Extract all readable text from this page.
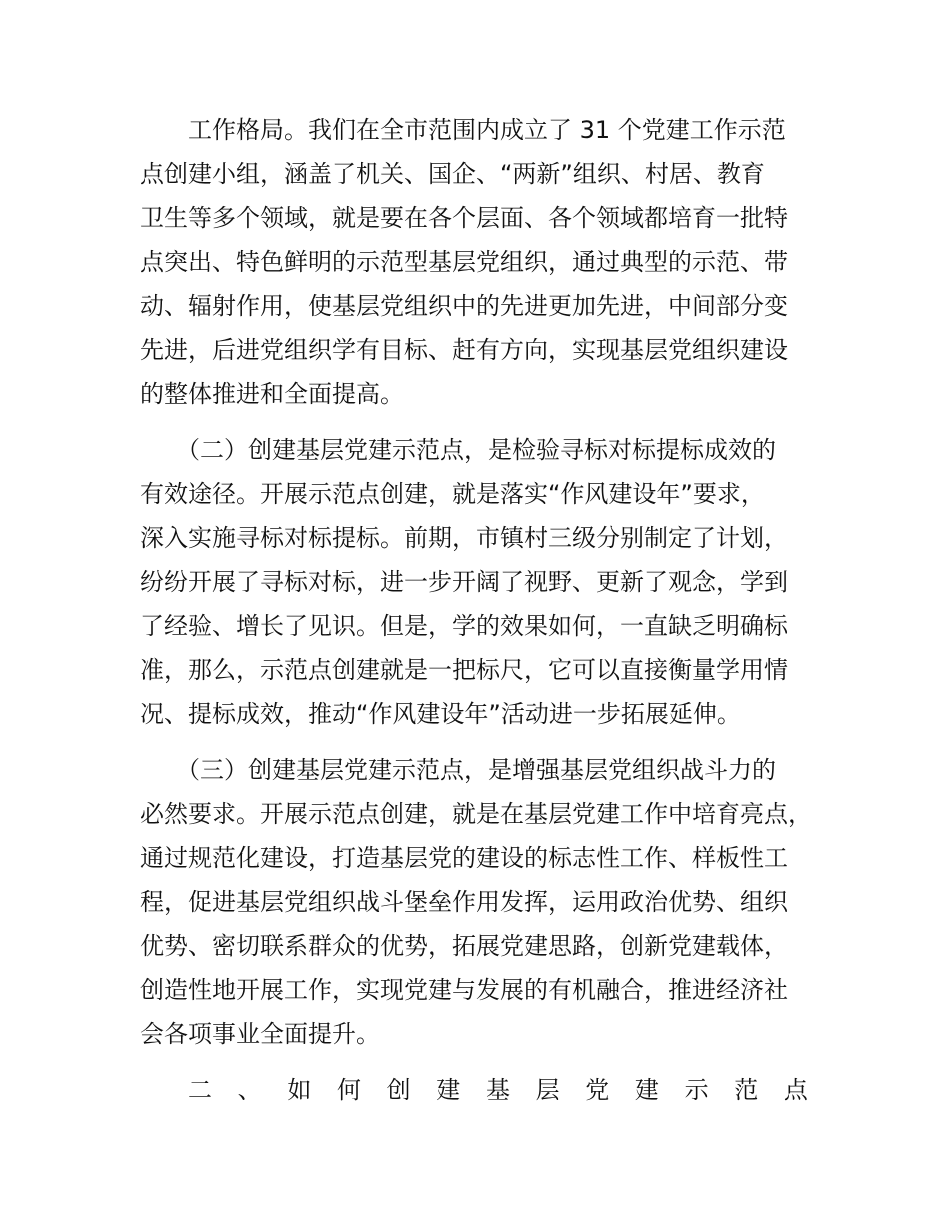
　　工作格局。我们在全市范围内成立了 31 个党建工作示范
点创建小组，涵盖了机关、国企、“两新”组织、村居、教育
卫生等多个领域，就是要在各个层面、各个领域都培育一批特
点突出、特色鲜明的示范型基层党组织，通过典型的示范、带
动、辐射作用，使基层党组织中的先进更加先进，中间部分变
先进，后进党组织学有目标、赶有方向，实现基层党组织建设
的整体推进和全面提高。
　　（二）创建基层党建示范点，是检验寻标对标提标成效的
有效途径。开展示范点创建，就是落实“作风建设年”要求，
深入实施寻标对标提标。前期，市镇村三级分别制定了计划，
纷纷开展了寻标对标，进一步开阔了视野、更新了观念，学到
了经验、增长了见识。但是，学的效果如何，一直缺乏明确标
准，那么，示范点创建就是一把标尺，它可以直接衡量学用情
况、提标成效，推动“作风建设年”活动进一步拓展延伸。
　　（三）创建基层党建示范点，是增强基层党组织战斗力的
必然要求。开展示范点创建，就是在基层党建工作中培育亮点，
通过规范化建设，打造基层党的建设的标志性工作、样板性工
程，促进基层党组织战斗堡垒作用发挥，运用政治优势、组织
优势、密切联系群众的优势，拓展党建思路，创新党建载体，
创造性地开展工作，实现党建与发展的有机融合，推进经济社
会各项事业全面提升。
二 、 如 何 创 建 基 层 党 建 示 范 点
